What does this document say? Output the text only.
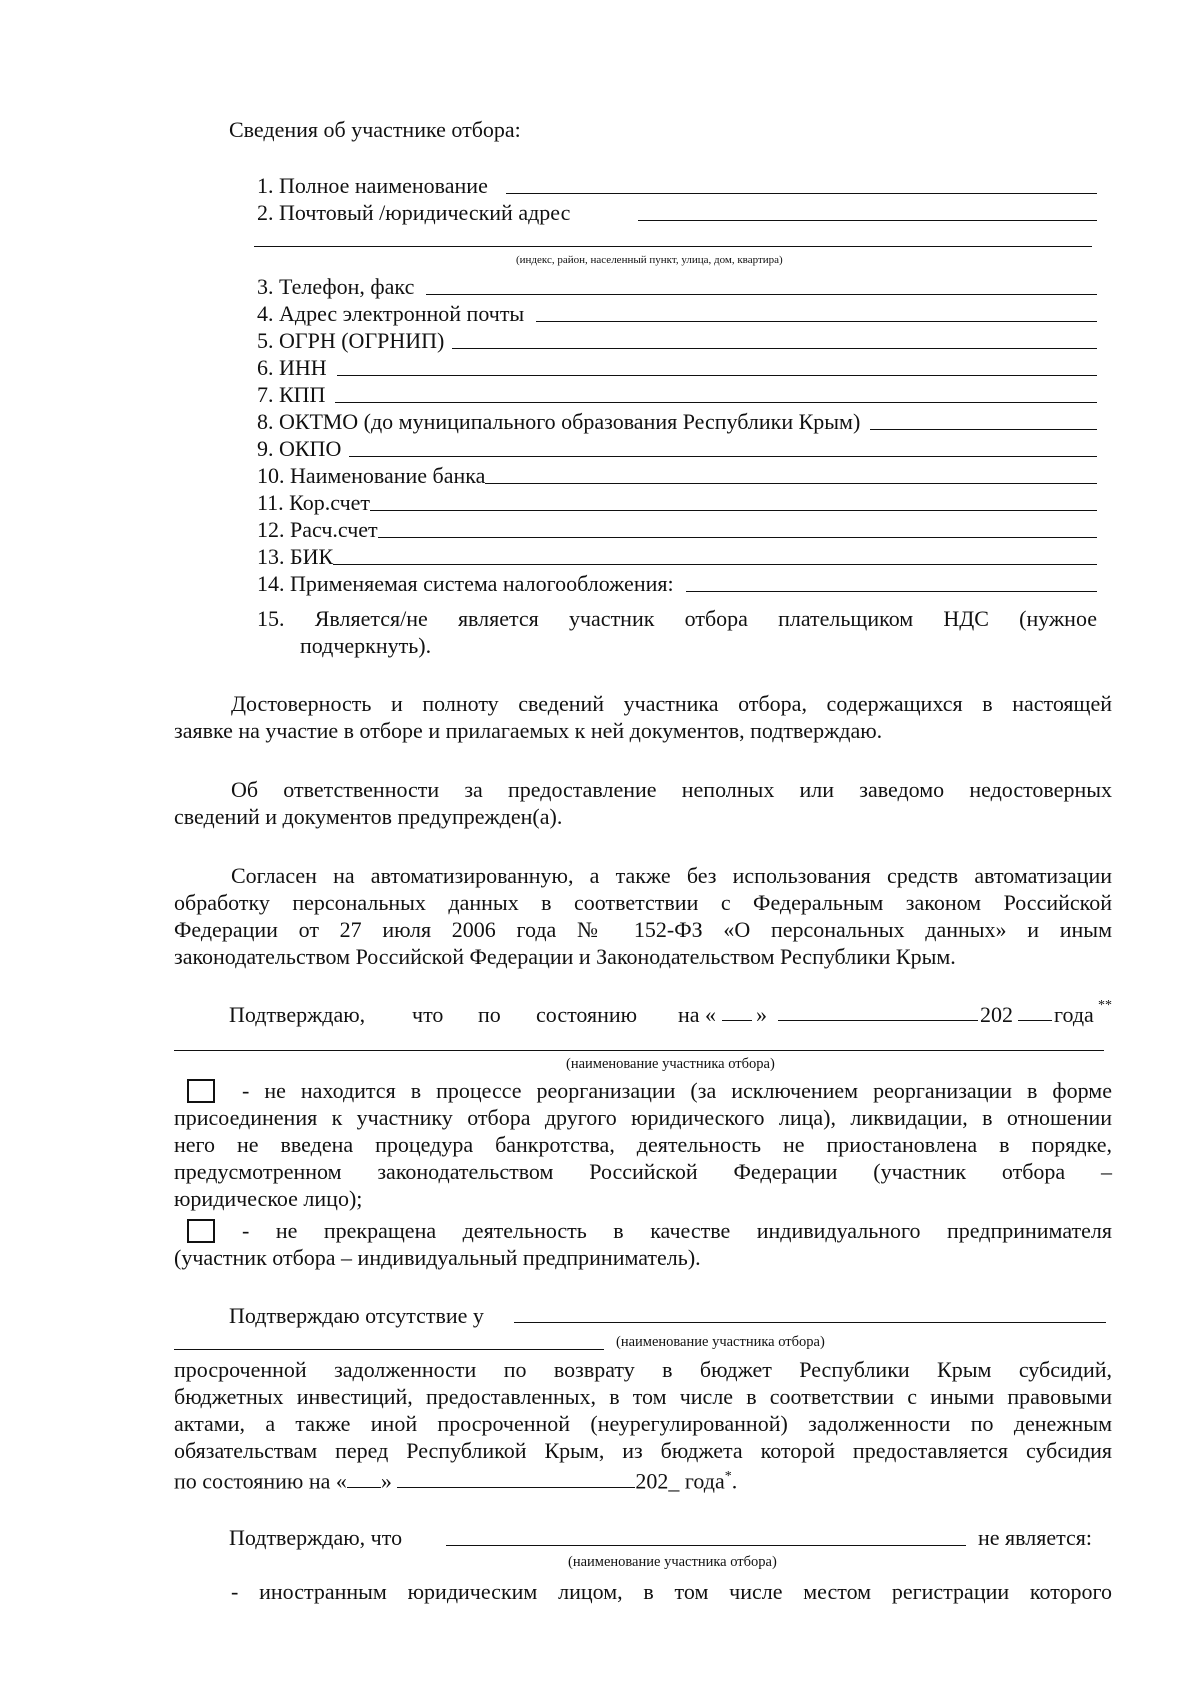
Сведения об участнике отбора:
1. Полное наименование
2. Почтовый /юридический адрес
(индекс, район, населенный пункт, улица, дом, квартира)
3. Телефон, факс
4. Адрес электронной почты
5. ОГРН (ОГРНИП)
6. ИНН
7. КПП
8. ОКТМО (до муниципального образования Республики Крым)
9. ОКПО
10. Наименование банка
11. Кор.счет
12. Расч.счет
13. БИК
14. Применяемая система налогообложения:
15. Является/не является участник отбора плательщиком НДС (нужное
подчеркнуть).
Достоверность и полноту сведений участника отбора, содержащихся в настоящей
заявке на участие в отборе и прилагаемых к ней документов, подтверждаю.
Об ответственности за предоставление неполных или заведомо недостоверных
сведений и документов предупрежден(а).
Согласен на автоматизированную, а также без использования средств автоматизации
обработку персональных данных в соответствии с Федеральным законом Российской
Федерации от 27 июля 2006 года № 152-ФЗ «О персональных данных» и иным
законодательством Российской Федерации и Законодательством Республики Крым.
Подтверждаю, что по состоянию на « »	202 года **
(наименование участника отбора)
- не находится в процессе реорганизации (за исключением реорганизации в форме
присоединения к участнику отбора другого юридического лица), ликвидации, в отношении
него не введена процедура банкротства, деятельность не приостановлена в порядке,
предусмотренном законодательством Российской Федерации (участник отбора –
юридическое лицо);
- не прекращена деятельность в качестве индивидуального предпринимателя
(участник отбора – индивидуальный предприниматель).
Подтверждаю отсутствие у
(наименование участника отбора)
просроченной задолженности по возврату в бюджет Республики Крым субсидий,
бюджетных инвестиций, предоставленных, в том числе в соответствии с иными правовыми
актами, а также иной просроченной (неурегулированной) задолженности по денежным
обязательствам перед Республикой Крым, из бюджета которой предоставляется субсидия
по состоянию на « »	202_ года*.
Подтверждаю, что	не является:
(наименование участника отбора)
- иностранным юридическим лицом, в том числе местом регистрации которого
